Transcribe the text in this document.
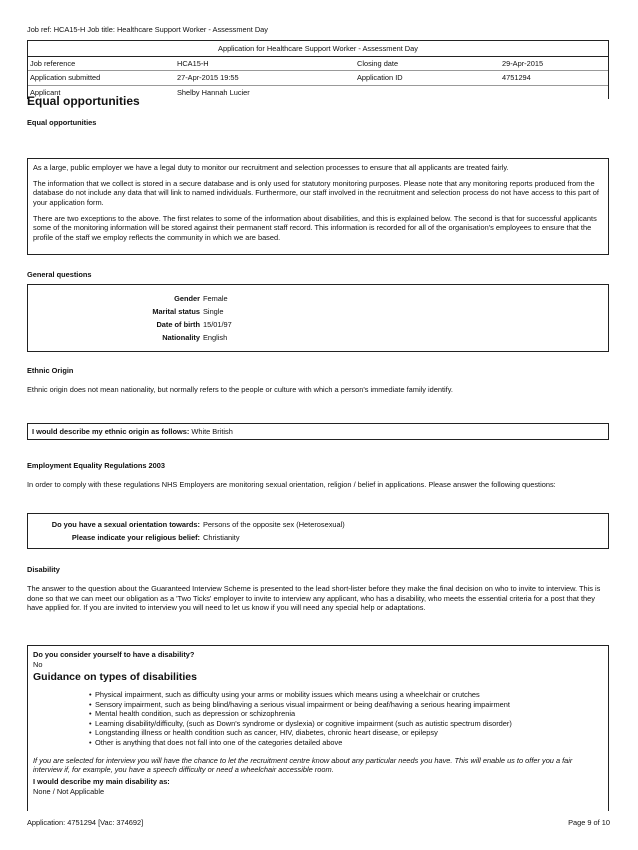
Job ref: HCA15-H Job title: Healthcare Support Worker - Assessment Day
Application for Healthcare Support Worker - Assessment Day
Job reference	HCA15-H	Closing date	29-Apr-2015
Application submitted	27-Apr-2015 19:55	Application ID	4751294
Applicant	Shelby Hannah Lucier
Equal opportunities
Equal opportunities

As a large, public employer we have a legal duty to monitor our recruitment and selection processes to ensure that all applicants are treated fairly.

The information that we collect is stored in a secure database and is only used for statutory monitoring purposes. Please note that any monitoring reports produced from the database do not include any data that will link to named individuals. Furthermore, our staff involved in the recruitment and selection process do not have access to this part of your application form.

There are two exceptions to the above. The first relates to some of the information about disabilities, and this is explained below. The second is that for successful applicants some of the monitoring information will be stored against their permanent staff record. This information is recorded for all of the organisation's employees to ensure that the profile of the staff we employ reflects the community in which we are based.

General questions
Gender Female
Marital status Single
Date of birth 15/01/97
Nationality English
Ethnic Origin
Ethnic origin does not mean nationality, but normally refers to the people or culture with which a person's immediate family identify.
I would describe my ethnic origin as follows: White British
Employment Equality Regulations 2003
In order to comply with these regulations NHS Employers are monitoring sexual orientation, religion / belief in applications. Please answer the following questions:
Do you have a sexual orientation towards: Persons of the opposite sex (Heterosexual)
Please indicate your religious belief: Christianity
Disability
The answer to the question about the Guaranteed Interview Scheme is presented to the lead short-lister before they make the final decision on who to invite to interview. This is done so that we can meet our obligation as a 'Two Ticks' employer to invite to interview any applicant, who has a disability, who meets the essential criteria for a post that they have applied for. If you are invited to interview you will need to let us know if you will need any special help or adaptations.
Do you consider yourself to have a disability?
No
Guidance on types of disabilities
• Physical impairment, such as difficulty using your arms or mobility issues which means using a wheelchair or crutches
• Sensory impairment, such as being blind/having a serious visual impairment or being deaf/having a serious hearing impairment
• Mental health condition, such as depression or schizophrenia
• Learning disability/difficulty, (such as Down's syndrome or dyslexia) or cognitive impairment (such as autistic spectrum disorder)
• Longstanding illness or health condition such as cancer, HIV, diabetes, chronic heart disease, or epilepsy
• Other is anything that does not fall into one of the categories detailed above
If you are selected for interview you will have the chance to let the recruitment centre know about any particular needs you have. This will enable us to offer you a fair interview if, for example, you have a speech difficulty or need a wheelchair accessible room.
I would describe my main disability as:
None / Not Applicable
Application: 4751294 [Vac: 374692]	Page 9 of 10
